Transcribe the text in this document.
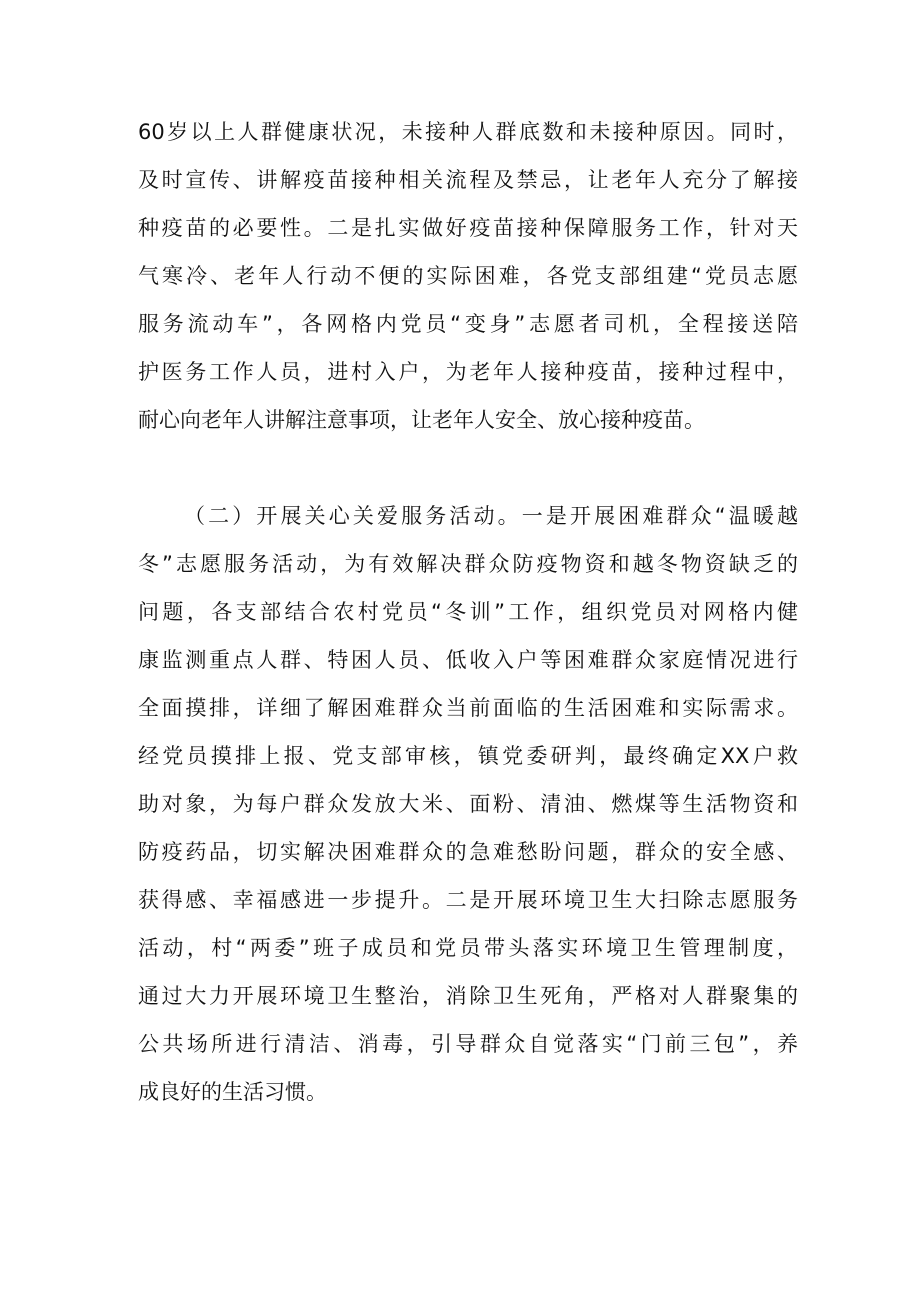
60岁以上人群健康状况，未接种人群底数和未接种原因。同时，
及时宣传、讲解疫苗接种相关流程及禁忌，让老年人充分了解接
种疫苗的必要性。二是扎实做好疫苗接种保障服务工作，针对天
气寒冷、老年人行动不便的实际困难，各党支部组建“党员志愿
服务流动车”，各网格内党员“变身”志愿者司机，全程接送陪
护医务工作人员，进村入户，为老年人接种疫苗，接种过程中，
耐心向老年人讲解注意事项，让老年人安全、放心接种疫苗。
（二）开展关心关爱服务活动。一是开展困难群众“温暖越
冬”志愿服务活动，为有效解决群众防疫物资和越冬物资缺乏的
问题，各支部结合农村党员“冬训”工作，组织党员对网格内健
康监测重点人群、特困人员、低收入户等困难群众家庭情况进行
全面摸排，详细了解困难群众当前面临的生活困难和实际需求。
经党员摸排上报、党支部审核，镇党委研判，最终确定XX户救
助对象，为每户群众发放大米、面粉、清油、燃煤等生活物资和
防疫药品，切实解决困难群众的急难愁盼问题，群众的安全感、
获得感、幸福感进一步提升。二是开展环境卫生大扫除志愿服务
活动，村“两委”班子成员和党员带头落实环境卫生管理制度，
通过大力开展环境卫生整治，消除卫生死角，严格对人群聚集的
公共场所进行清洁、消毒，引导群众自觉落实“门前三包”，养
成良好的生活习惯。
